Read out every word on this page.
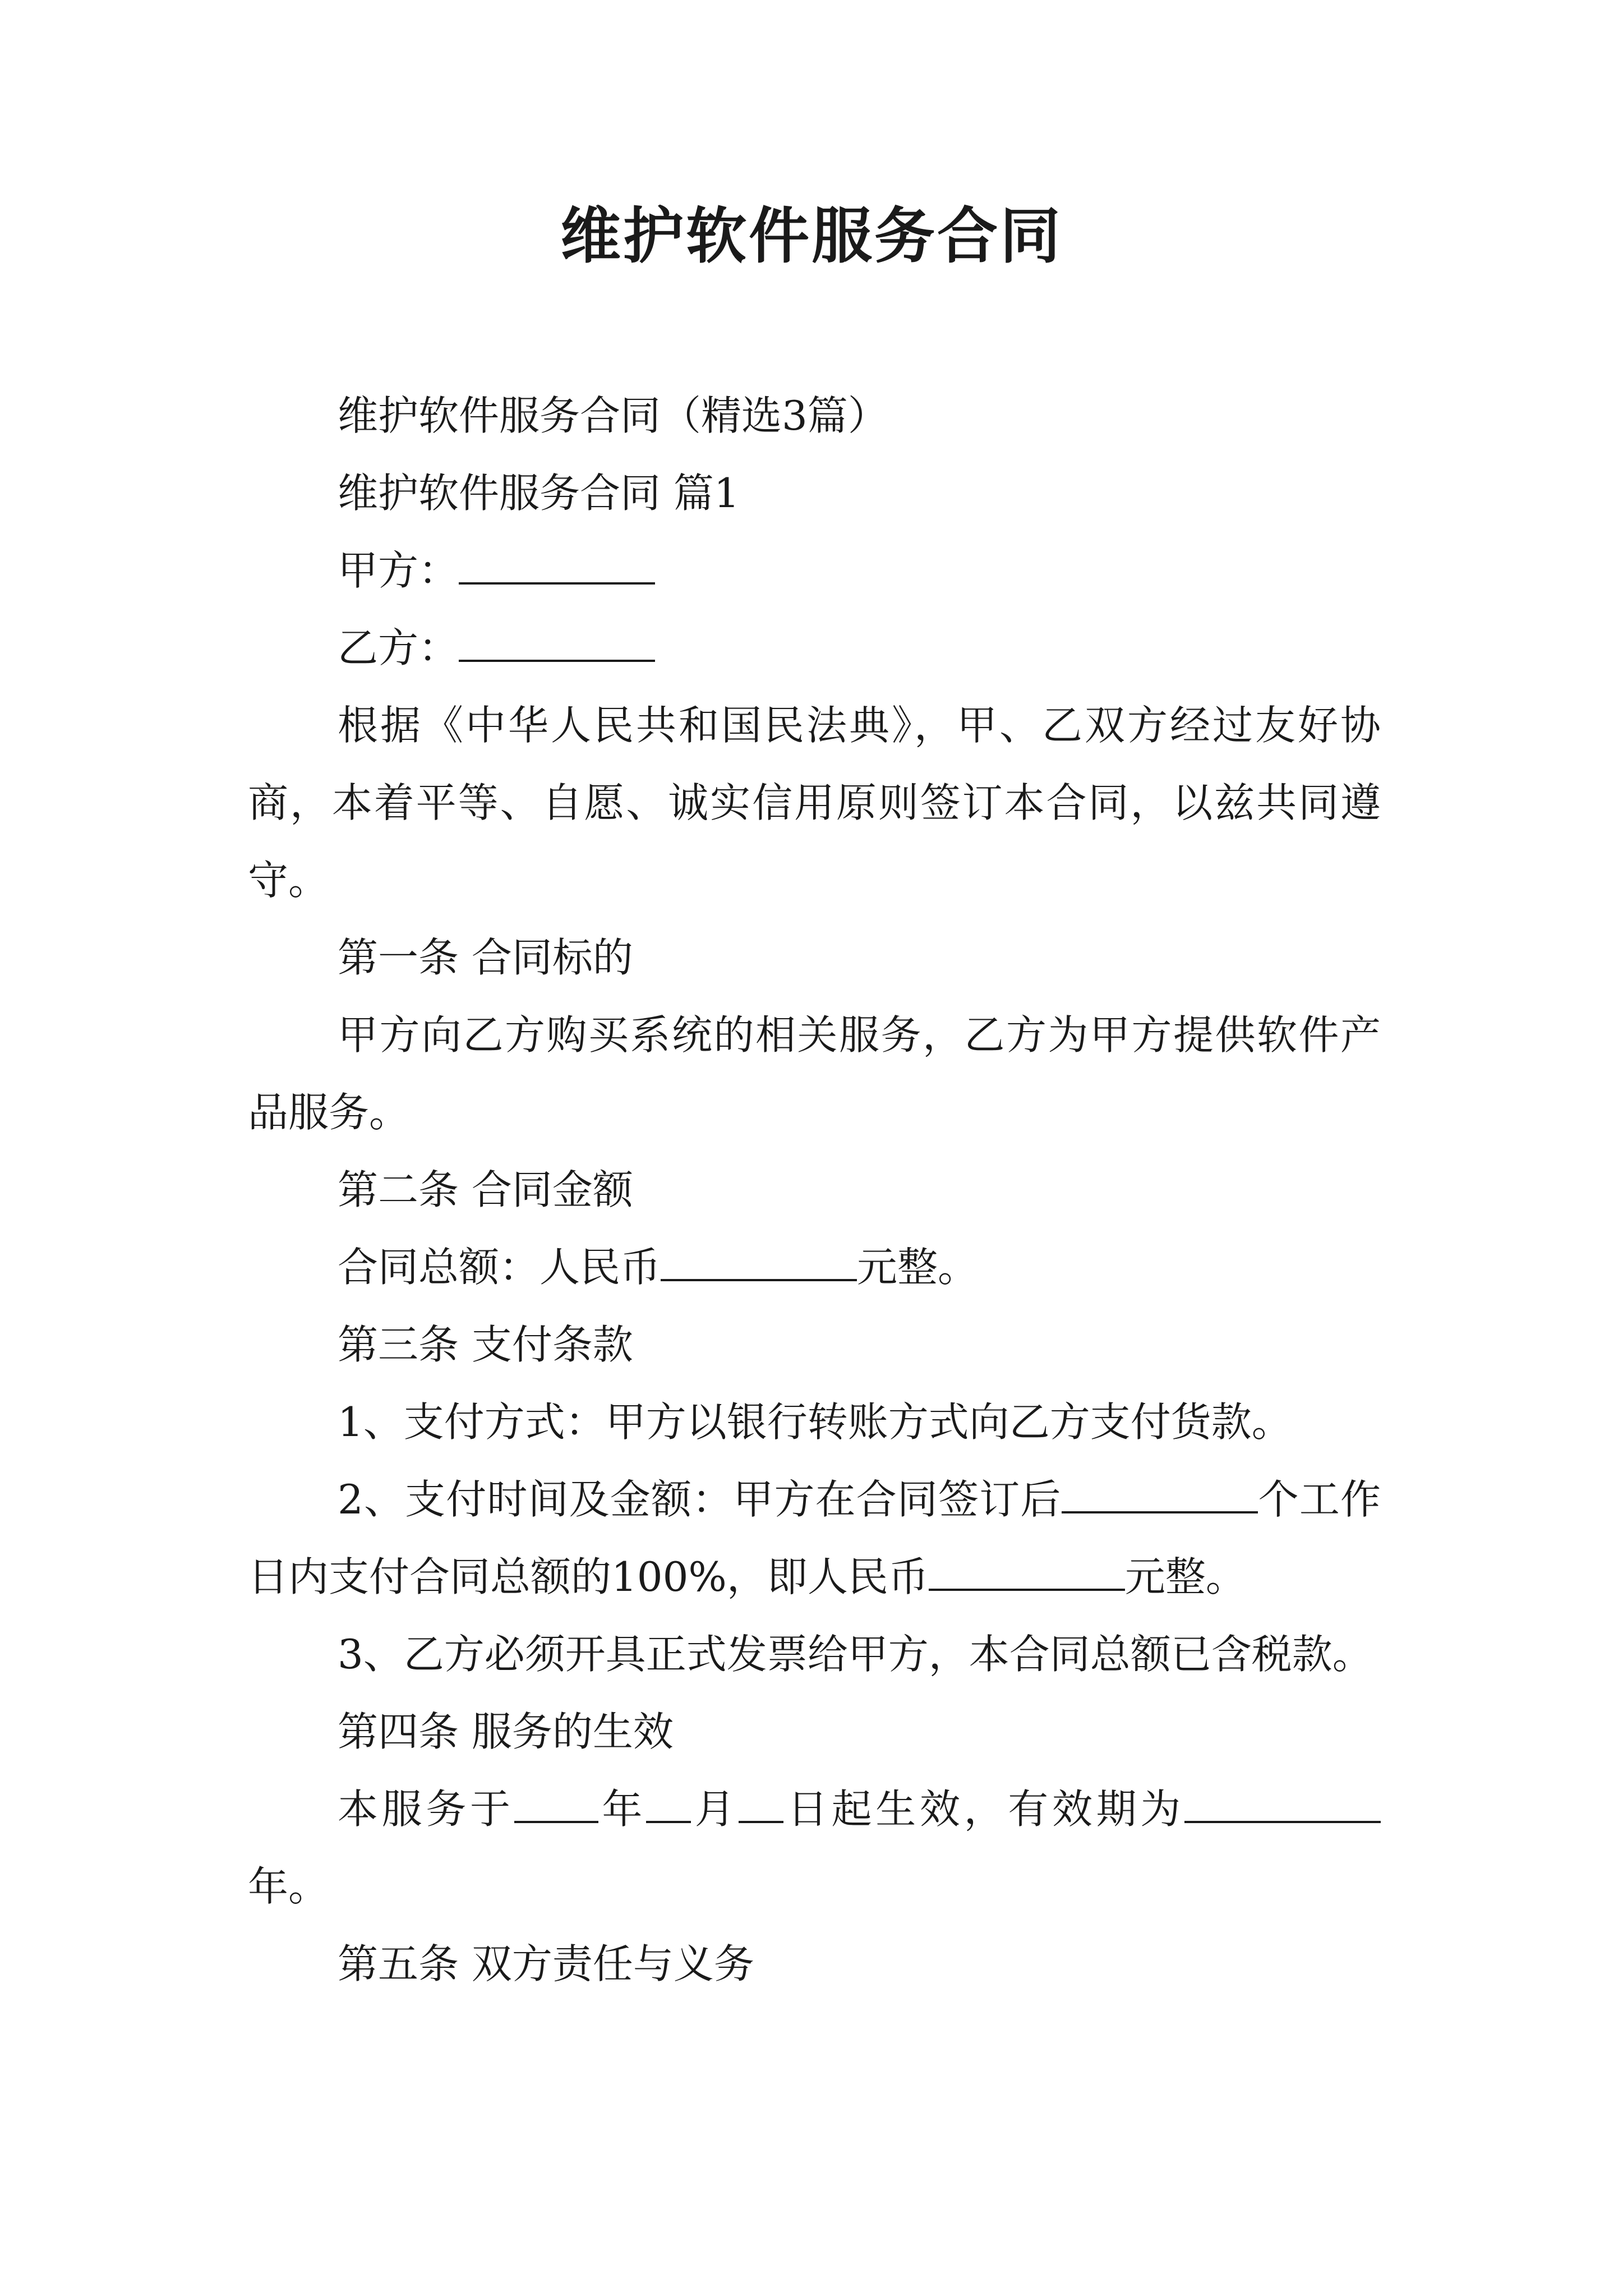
维护软件服务合同

维护软件服务合同（精选3篇）

维护软件服务合同 篇1

甲方：

乙方：

根据《中华人民共和国民法典》，甲、乙双方经过友好协商，本着平等、自愿、诚实信用原则签订本合同，以兹共同遵守。

第一条 合同标的

甲方向乙方购买系统的相关服务，乙方为甲方提供软件产品服务。

第二条 合同金额

合同总额：人民币	元整。

第三条 支付条款

1、支付方式：甲方以银行转账方式向乙方支付货款。

2、支付时间及金额：甲方在合同签订后	个工作日内支付合同总额的100%，即人民币	元整。

3、乙方必须开具正式发票给甲方，本合同总额已含税款。

第四条 服务的生效

本服务于 年 月 日起生效，有效期为年。

第五条 双方责任与义务
